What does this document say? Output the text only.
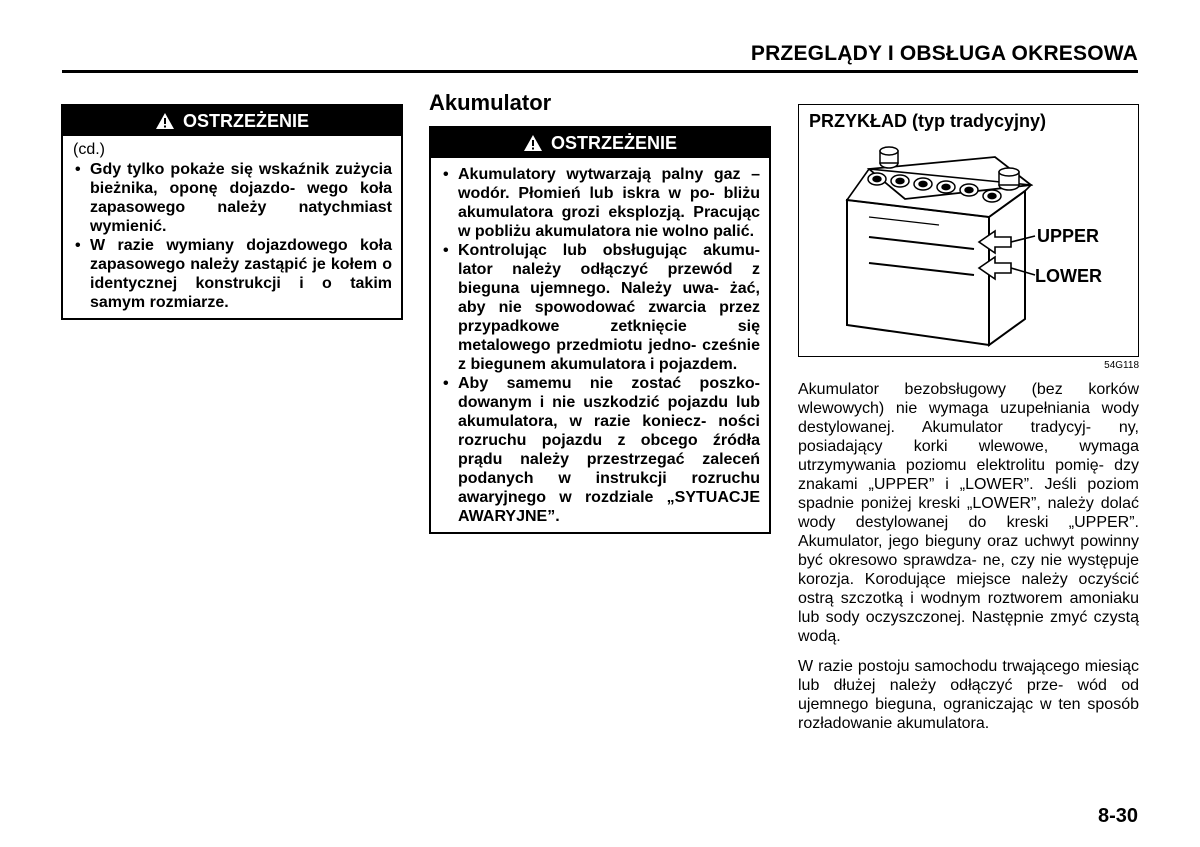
PRZEGLĄDY I OBSŁUGA OKRESOWA
OSTRZEŻENIE
(cd.)
• Gdy tylko pokaże się wskaźnik zużycia bieżnika, oponę dojazdo- wego koła zapasowego należy natychmiast wymienić.
• W razie wymiany dojazdowego koła zapasowego należy zastąpić je kołem o identycznej konstrukcji i o takim samym rozmiarze.
Akumulator
OSTRZEŻENIE
• Akumulatory wytwarzają palny gaz – wodór. Płomień lub iskra w po- bliżu akumulatora grozi eksplozją. Pracując w pobliżu akumulatora nie wolno palić.
• Kontrolując lub obsługując akumu- lator należy odłączyć przewód z bieguna ujemnego. Należy uwa- żać, aby nie spowodować zwarcia przez przypadkowe zetknięcie się metalowego przedmiotu jedno- cześnie z biegunem akumulatora i pojazdem.
• Aby samemu nie zostać poszko- dowanym i nie uszkodzić pojazdu lub akumulatora, w razie koniecz- ności rozruchu pojazdu z obcego źródła prądu należy przestrzegać zaleceń podanych w instrukcji rozruchu awaryjnego w rozdziale „SYTUACJE AWARYJNE”.
PRZYKŁAD (typ tradycyjny)
UPPER
LOWER
54G118

Akumulator bezobsługowy (bez korków wlewowych) nie wymaga uzupełniania wody destylowanej. Akumulator tradycyj- ny, posiadający korki wlewowe, wymaga utrzymywania poziomu elektrolitu pomię- dzy znakami „UPPER” i „LOWER”. Jeśli poziom spadnie poniżej kreski „LOWER”, należy dolać wody destylowanej do kreski „UPPER”. Akumulator, jego bieguny oraz uchwyt powinny być okresowo sprawdza- ne, czy nie występuje korozja. Korodujące miejsce należy oczyścić ostrą szczotką i wodnym roztworem amoniaku lub sody oczyszczonej. Następnie zmyć czystą wodą.

W razie postoju samochodu trwającego miesiąc lub dłużej należy odłączyć prze- wód od ujemnego bieguna, ograniczając w ten sposób rozładowanie akumulatora.

8-30
